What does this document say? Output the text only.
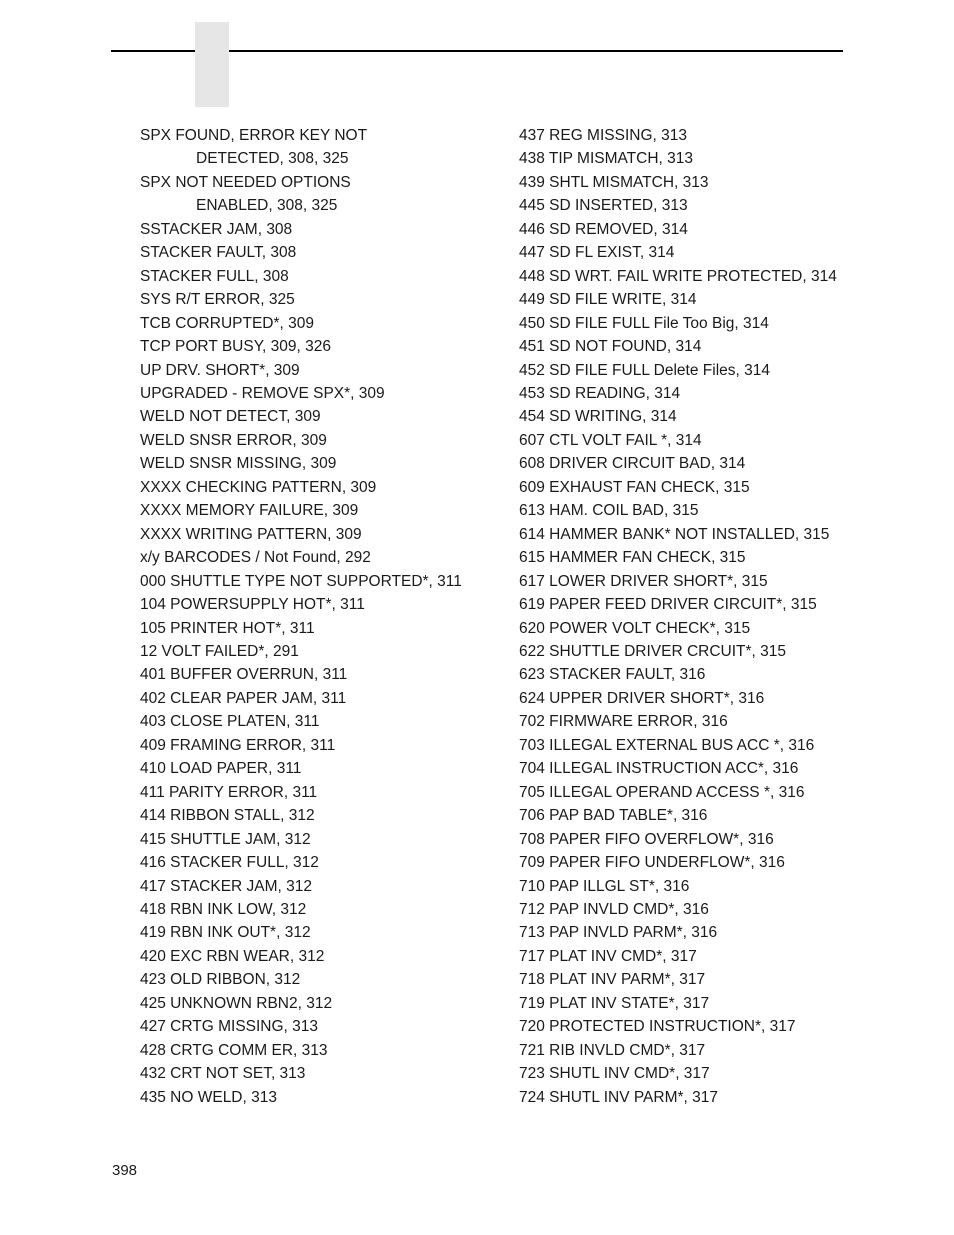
SPX FOUND, ERROR KEY NOT
DETECTED, 308, 325
SPX NOT NEEDED OPTIONS
ENABLED, 308, 325
SSTACKER JAM, 308
STACKER FAULT, 308
STACKER FULL, 308
SYS R/T ERROR, 325
TCB CORRUPTED*, 309
TCP PORT BUSY, 309, 326
UP DRV. SHORT*, 309
UPGRADED - REMOVE SPX*, 309
WELD NOT DETECT, 309
WELD SNSR ERROR, 309
WELD SNSR MISSING, 309
XXXX CHECKING PATTERN, 309
XXXX MEMORY FAILURE, 309
XXXX WRITING PATTERN, 309
x/y BARCODES / Not Found, 292
000 SHUTTLE TYPE NOT SUPPORTED*, 311
104 POWERSUPPLY HOT*, 311
105 PRINTER HOT*, 311
12 VOLT FAILED*, 291
401 BUFFER OVERRUN, 311
402 CLEAR PAPER JAM, 311
403 CLOSE PLATEN, 311
409 FRAMING ERROR, 311
410 LOAD PAPER, 311
411 PARITY ERROR, 311
414 RIBBON STALL, 312
415 SHUTTLE JAM, 312
416 STACKER FULL, 312
417 STACKER JAM, 312
418 RBN INK LOW, 312
419 RBN INK OUT*, 312
420 EXC RBN WEAR, 312
423 OLD RIBBON, 312
425 UNKNOWN RBN2, 312
427 CRTG MISSING, 313
428 CRTG COMM ER, 313
432 CRT NOT SET, 313
435 NO WELD, 313
437 REG MISSING, 313
438 TIP MISMATCH, 313
439 SHTL MISMATCH, 313
445 SD INSERTED, 313
446 SD REMOVED, 314
447 SD FL EXIST, 314
448 SD WRT. FAIL WRITE PROTECTED, 314
449 SD FILE WRITE, 314
450 SD FILE FULL File Too Big, 314
451 SD NOT FOUND, 314
452 SD FILE FULL Delete Files, 314
453 SD READING, 314
454 SD WRITING, 314
607 CTL VOLT FAIL *, 314
608 DRIVER CIRCUIT BAD, 314
609 EXHAUST FAN CHECK, 315
613 HAM. COIL BAD, 315
614 HAMMER BANK* NOT INSTALLED, 315
615 HAMMER FAN CHECK, 315
617 LOWER DRIVER SHORT*, 315
619 PAPER FEED DRIVER CIRCUIT*, 315
620 POWER VOLT CHECK*, 315
622 SHUTTLE DRIVER CRCUIT*, 315
623 STACKER FAULT, 316
624 UPPER DRIVER SHORT*, 316
702 FIRMWARE ERROR, 316
703 ILLEGAL EXTERNAL BUS ACC *, 316
704 ILLEGAL INSTRUCTION ACC*, 316
705 ILLEGAL OPERAND ACCESS *, 316
706 PAP BAD TABLE*, 316
708 PAPER FIFO OVERFLOW*, 316
709 PAPER FIFO UNDERFLOW*, 316
710 PAP ILLGL ST*, 316
712 PAP INVLD CMD*, 316
713 PAP INVLD PARM*, 316
717 PLAT INV CMD*, 317
718 PLAT INV PARM*, 317
719 PLAT INV STATE*, 317
720 PROTECTED INSTRUCTION*, 317
721 RIB INVLD CMD*, 317
723 SHUTL INV CMD*, 317
724 SHUTL INV PARM*, 317
398
